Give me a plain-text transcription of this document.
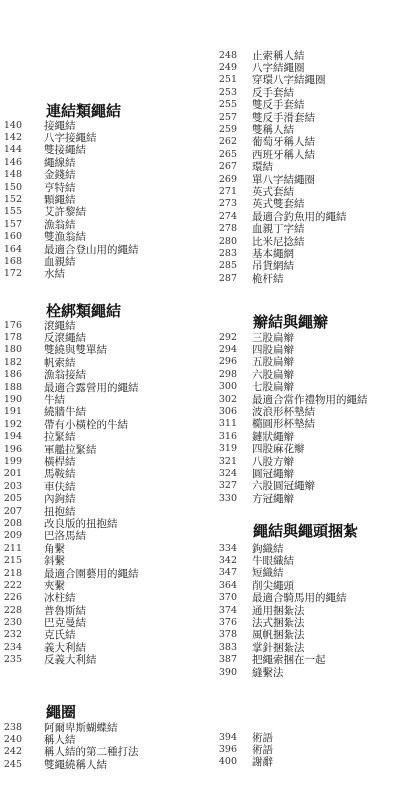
連結類繩結
140 接繩結
142 八字接繩結
144 雙接繩結
146 繩線結
148 金錢結
150 亨特結
152 顆繩結
155 艾許黎結
157 漁翁結
160 雙漁翁結
164 最適合登山用的繩結
168 血親結
172 水結
栓綁類繩結
176 滾繩結
178 反滾繩結
180 雙繞與雙單結
182 帆索結
186 漁翁接結
188 最適合露營用的繩結
190 牛結
191 繞牆牛結
192 帶有小橫栓的牛結
194 拉緊結
196 軍艦拉緊結
199 橫桿結
201 馬鞍結
203 車伕結
205 內鉤結
207 扭抱結
208 改良版的扭抱結
209 巴洛馬結
211 角繫
215 斜繫
218 最適合園藝用的繩結
222 夾繫
226 冰柱結
228 普魯斯結
230 巴克曼結
232 克氏結
234 義大利結
235 反義大利結
繩圈
238 阿爾卑斯蝴蝶結
240 稱人結
242 稱人結的第二種打法
245 雙繩繞稱人結
248 止索稱人結
249 八字結繩圈
251 穿環八字結繩圈
253 反手套結
255 雙反手套結
257 雙反手滑套結
259 雙稱人結
262 葡萄牙稱人結
265 西班牙稱人結
267 環結
269 單八字結繩圈
271 英式套結
273 英式雙套結
274 最適合釣魚用的繩結
278 血親丁字結
280 比米尼捻結
283 基本繩網
285 吊貨網結
287 桅杆結
辮結與繩辮
292 三股扁辮
294 四股扁辮
296 五股扁辮
298 六股扁辮
300 七股扁辮
302 最適合當作禮物用的繩結
306 波浪形杯墊結
311 橢圓形杯墊結
316 鏈狀繩辮
319 四股麻花辮
321 八股方辮
324 圓冠繩辮
327 六股圓冠繩辮
330 方冠繩辮
繩結與繩頭捆紮
334 鉤織結
342 牛眼織結
347 短織結
364 削尖繩頭
370 最適合騎馬用的繩結
374 通用捆紮法
376 法式捆紮法
378 風帆捆紮法
383 掌針捆紮法
387 把繩索捆在一起
390 縫繫法
394 術語
396 術語
400 謝辭
